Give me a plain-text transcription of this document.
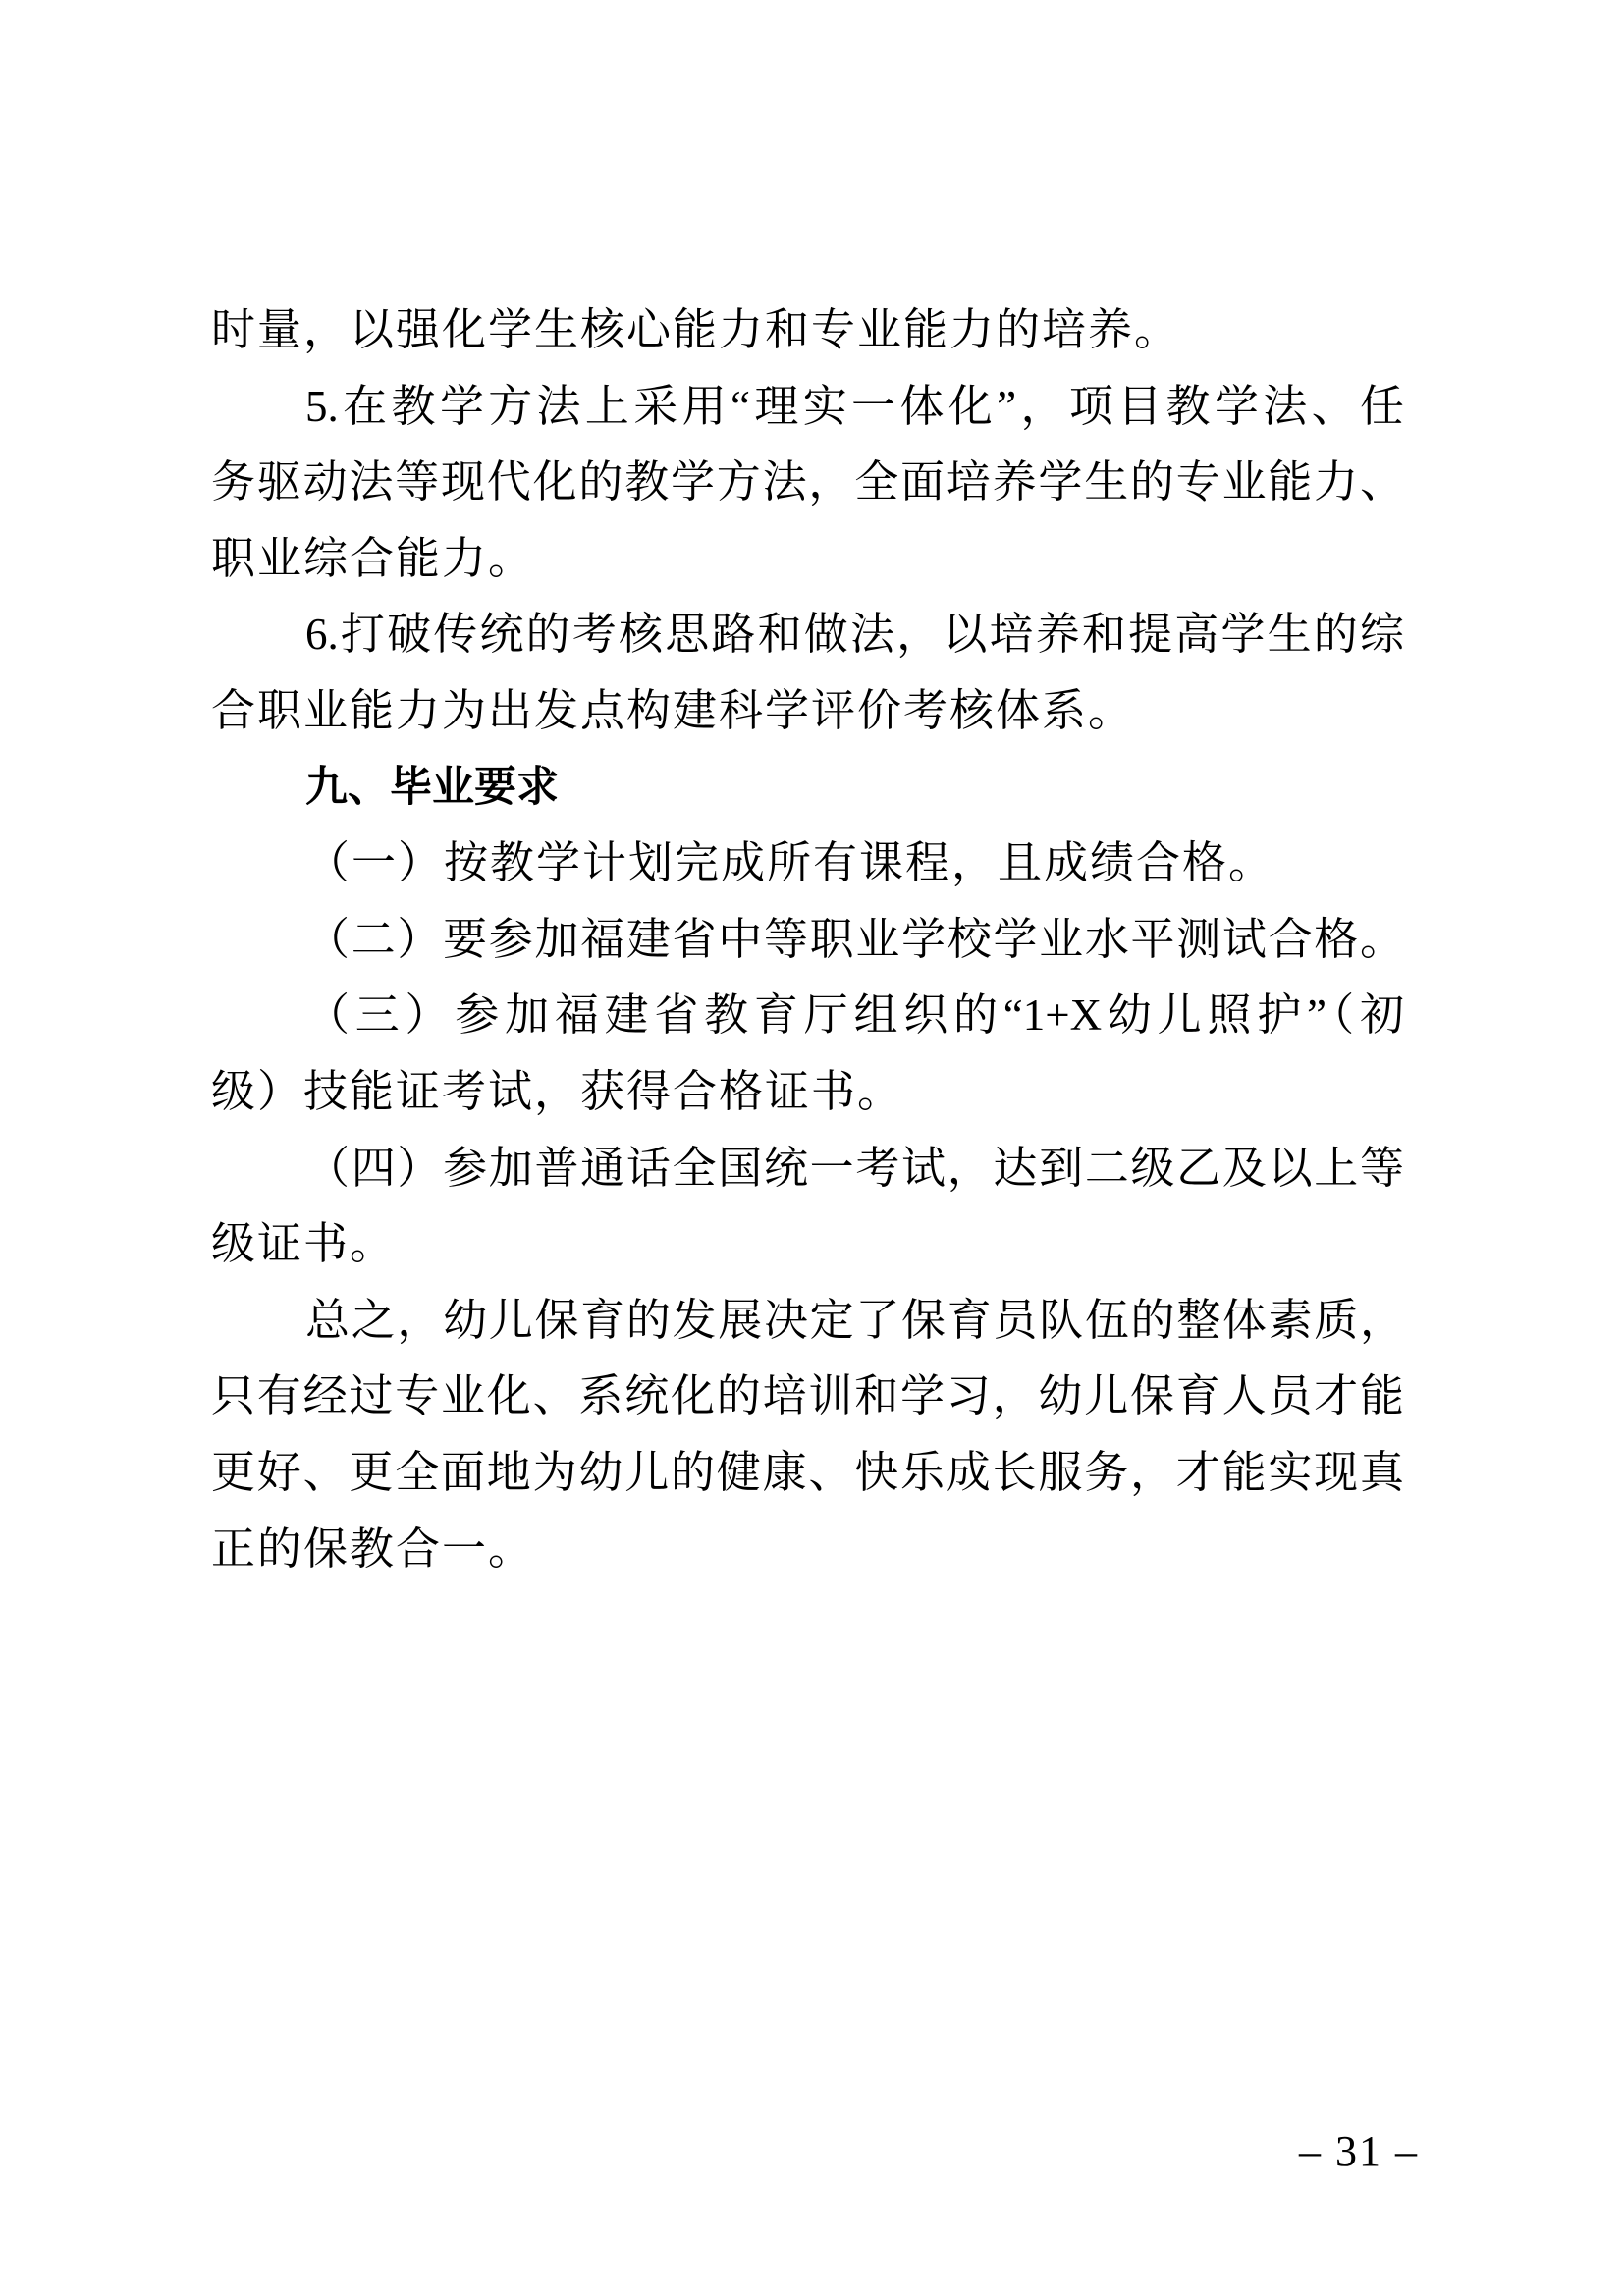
时量，以强化学生核心能力和专业能力的培养。
5.在教学方法上采用“理实一体化”，项目教学法、任
务驱动法等现代化的教学方法，全面培养学生的专业能力、
职业综合能力。
6.打破传统的考核思路和做法，以培养和提高学生的综
合职业能力为出发点构建科学评价考核体系。
九、毕业要求
（一）按教学计划完成所有课程，且成绩合格。
（二）要参加福建省中等职业学校学业水平测试合格。
（三）参加福建省教育厅组织的“1+X幼儿照护”（初
级）技能证考试，获得合格证书。
（四）参加普通话全国统一考试，达到二级乙及以上等
级证书。
总之，幼儿保育的发展决定了保育员队伍的整体素质，
只有经过专业化、系统化的培训和学习，幼儿保育人员才能
更好、更全面地为幼儿的健康、快乐成长服务，才能实现真
正的保教合一。
– 31 –
